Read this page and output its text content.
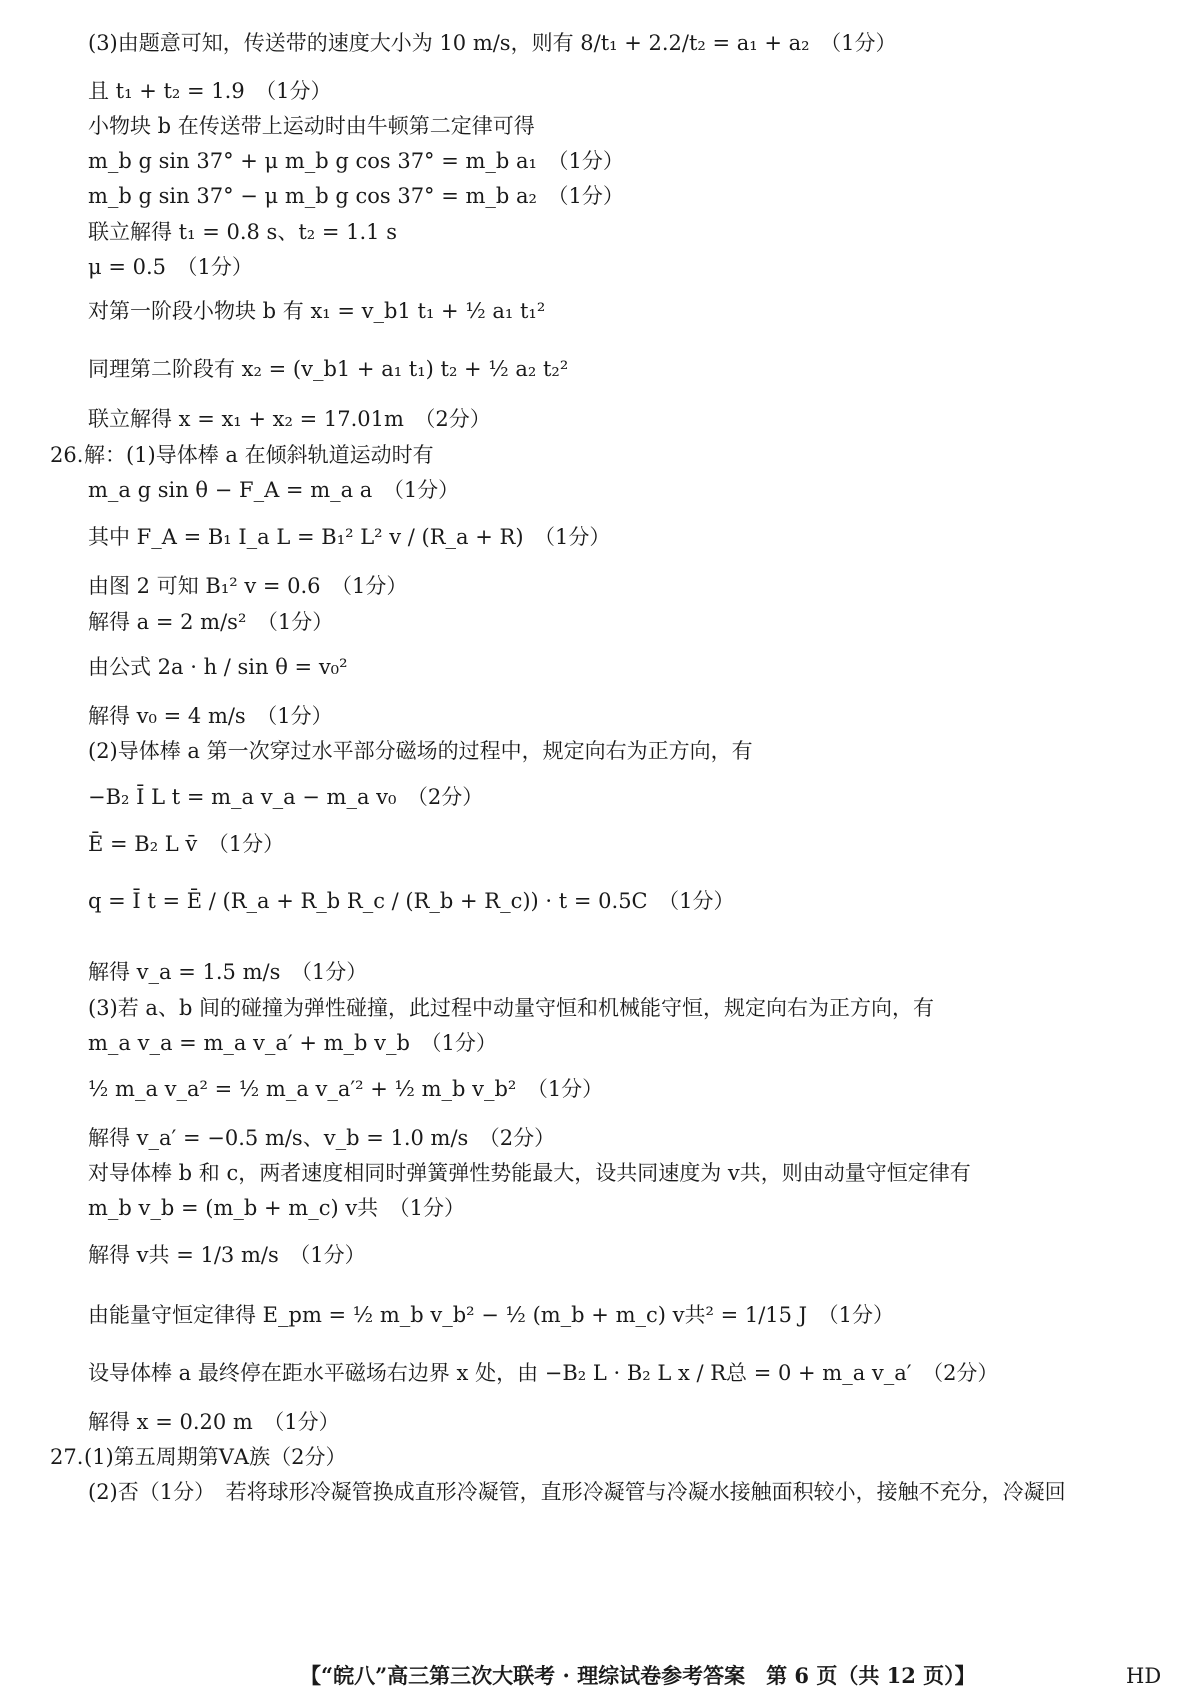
(3)由题意可知，传送带的速度大小为 10 m/s，则有 8/t₁ + 2.2/t₂ = a₁ + a₂　（1分）
且 t₁ + t₂ = 1.9　（1分）
小物块 b 在传送带上运动时由牛顿第二定律可得
m_b g sin 37° + μ m_b g cos 37° = m_b a₁　（1分）
m_b g sin 37° − μ m_b g cos 37° = m_b a₂　（1分）
联立解得 t₁ = 0.8 s、t₂ = 1.1 s
μ = 0.5　（1分）
对第一阶段小物块 b 有 x₁ = v_b1 t₁ + ½ a₁ t₁²
同理第二阶段有 x₂ = (v_b1 + a₁ t₁) t₂ + ½ a₂ t₂²
联立解得 x = x₁ + x₂ = 17.01m　（2分）
26. 解：(1)导体棒 a 在倾斜轨道运动时有
m_a g sin θ − F_A = m_a a　（1分）
其中 F_A = B₁ I_a L = B₁² L² v / (R_a + R)　（1分）
由图 2 可知 B₁² v = 0.6　（1分）
解得 a = 2 m/s²　（1分）
由公式 2a · h / sin θ = v₀²
解得 v₀ = 4 m/s　（1分）
(2)导体棒 a 第一次穿过水平部分磁场的过程中，规定向右为正方向，有
−B₂ Ī L t = m_a v_a − m_a v₀　（2分）
Ē = B₂ L v̄　（1分）
q = Ī t = Ē / (R_a + R_b R_c / (R_b + R_c)) · t = 0.5C　（1分）
解得 v_a = 1.5 m/s　（1分）
(3)若 a、b 间的碰撞为弹性碰撞，此过程中动量守恒和机械能守恒，规定向右为正方向，有
m_a v_a = m_a v_a′ + m_b v_b　（1分）
½ m_a v_a² = ½ m_a v_a′² + ½ m_b v_b²　（1分）
解得 v_a′ = −0.5 m/s、v_b = 1.0 m/s　（2分）
对导体棒 b 和 c，两者速度相同时弹簧弹性势能最大，设共同速度为 v共，则由动量守恒定律有
m_b v_b = (m_b + m_c) v共　（1分）
解得 v共 = 1/3 m/s　（1分）
由能量守恒定律得 E_pm = ½ m_b v_b² − ½ (m_b + m_c) v共² = 1/15 J　（1分）
设导体棒 a 最终停在距水平磁场右边界 x 处，由 −B₂ L · B₂ L x / R总 = 0 + m_a v_a′　（2分）
解得 x = 0.20 m　（1分）
27. (1)第五周期第ⅤA族（2分）
(2)否（1分）　若将球形冷凝管换成直形冷凝管，直形冷凝管与冷凝水接触面积较小，接触不充分，冷凝回
【“皖八”高三第三次大联考 · 理综试卷参考答案　第 6 页（共 12 页）】	HD
